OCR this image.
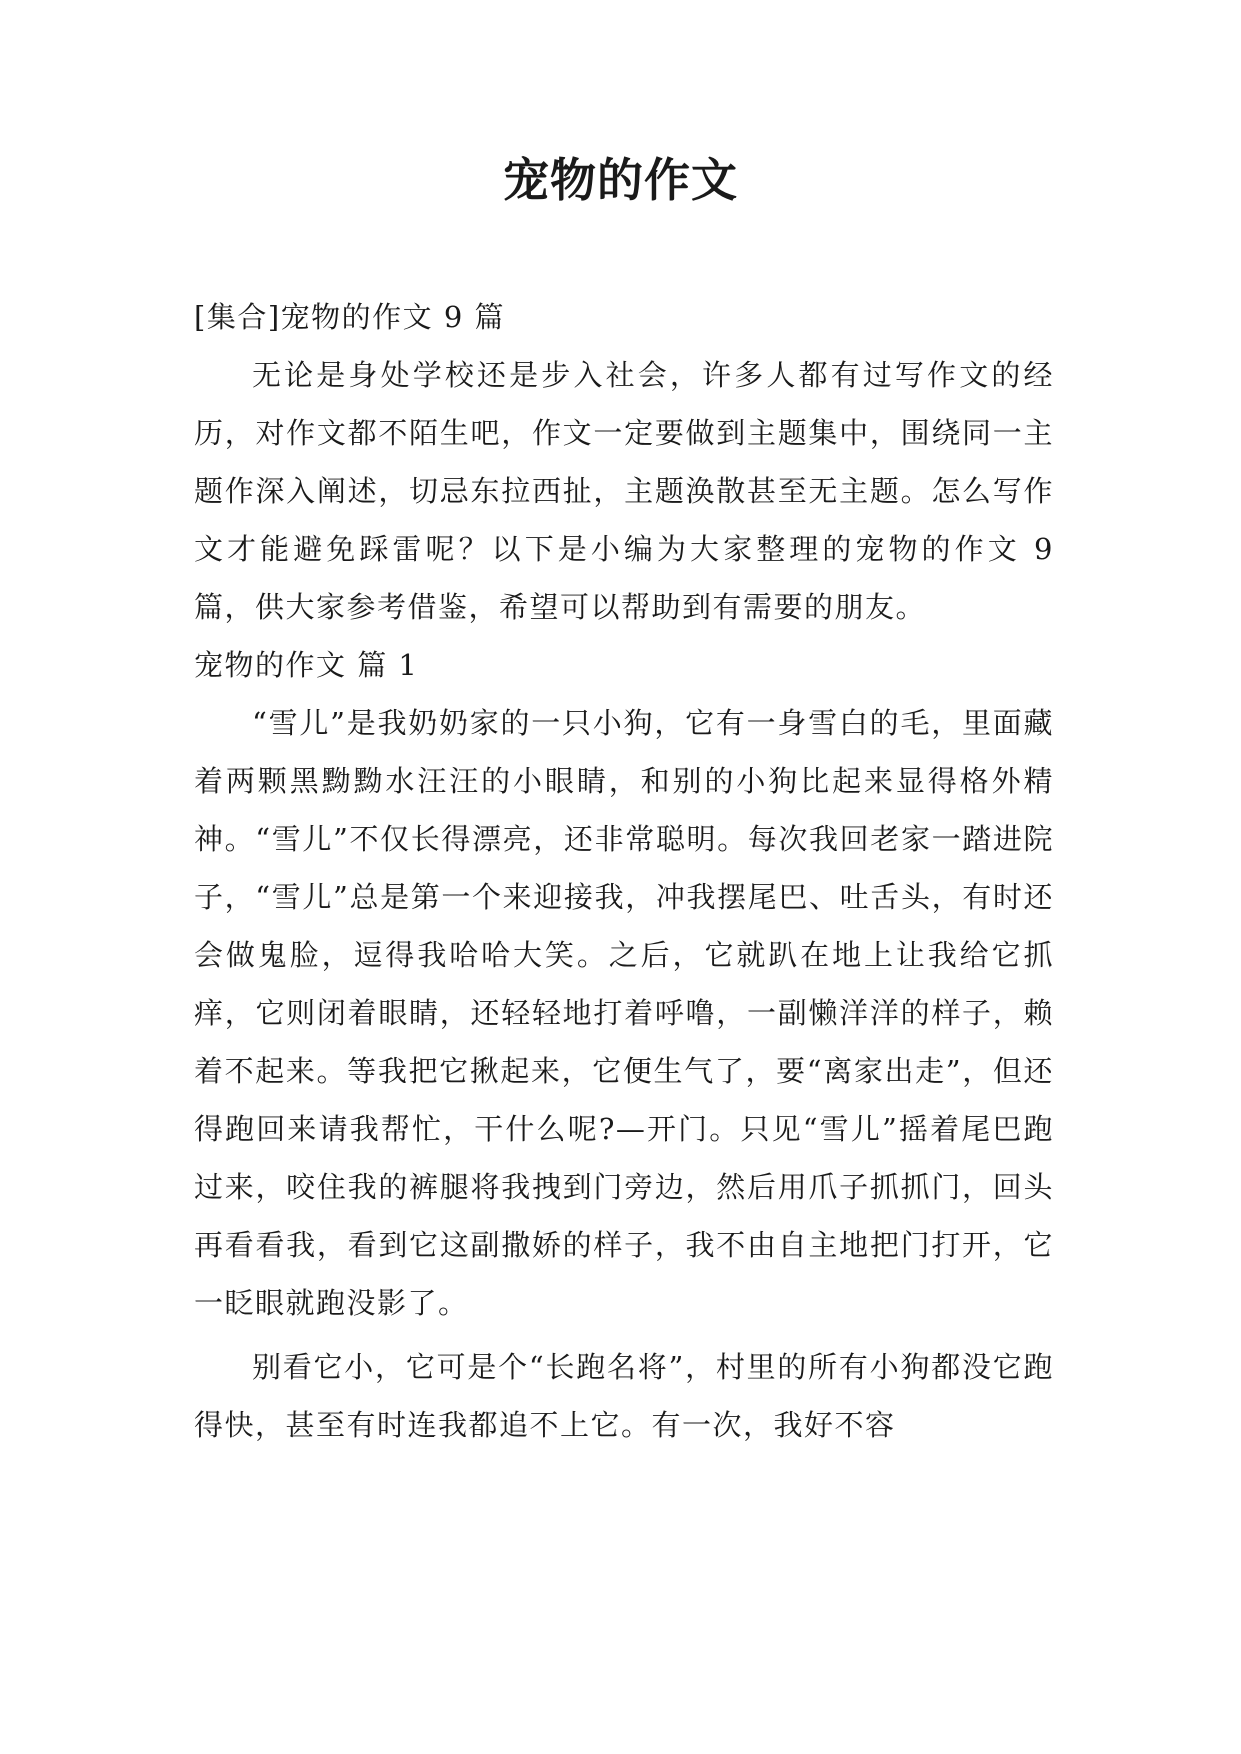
宠物的作文

[集合]宠物的作文 9 篇

无论是身处学校还是步入社会，许多人都有过写作文的经历，对作文都不陌生吧，作文一定要做到主题集中，围绕同一主题作深入阐述，切忌东拉西扯，主题涣散甚至无主题。怎么写作文才能避免踩雷呢？以下是小编为大家整理的宠物的作文 9 篇，供大家参考借鉴，希望可以帮助到有需要的朋友。

宠物的作文 篇 1

“雪儿”是我奶奶家的一只小狗，它有一身雪白的毛，里面藏着两颗黑黝黝水汪汪的小眼睛，和别的小狗比起来显得格外精神。“雪儿”不仅长得漂亮，还非常聪明。每次我回老家一踏进院子，“雪儿”总是第一个来迎接我，冲我摆尾巴、吐舌头，有时还会做鬼脸，逗得我哈哈大笑。之后，它就趴在地上让我给它抓痒，它则闭着眼睛，还轻轻地打着呼噜，一副懒洋洋的样子，赖着不起来。等我把它揪起来，它便生气了，要“离家出走”，但还得跑回来请我帮忙，干什么呢?—开门。只见“雪儿”摇着尾巴跑过来，咬住我的裤腿将我拽到门旁边，然后用爪子抓抓门，回头再看看我，看到它这副撒娇的样子，我不由自主地把门打开，它一眨眼就跑没影了。

别看它小，它可是个“长跑名将”，村里的所有小狗都没它跑得快，甚至有时连我都追不上它。有一次，我好不容
